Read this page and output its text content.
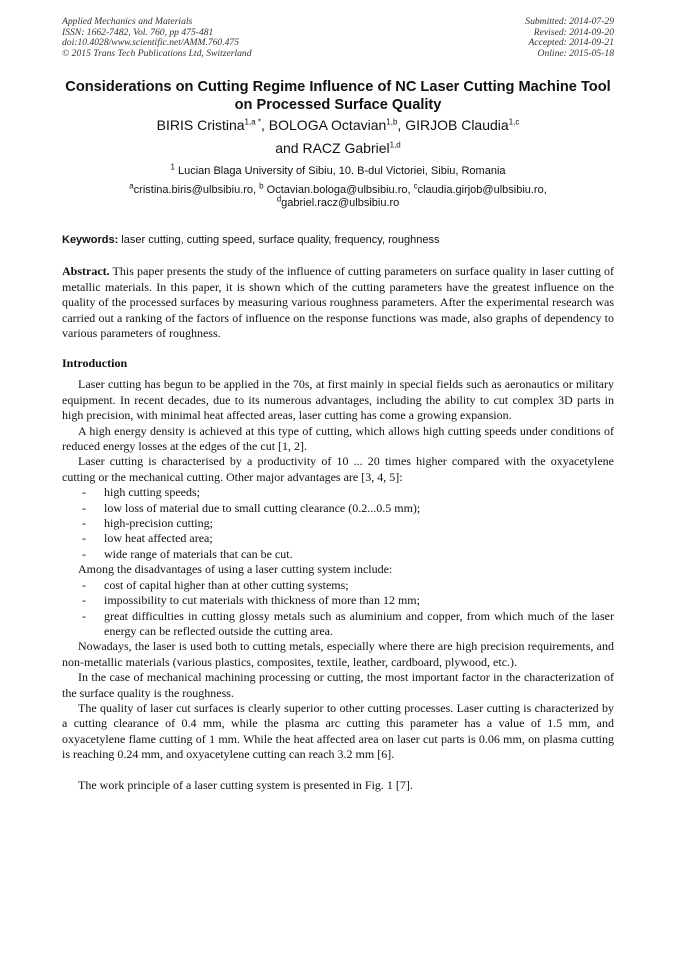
Applied Mechanics and Materials
ISSN: 1662-7482, Vol. 760, pp 475-481
doi:10.4028/www.scientific.net/AMM.760.475
© 2015 Trans Tech Publications Ltd, Switzerland
Submitted: 2014-07-29
Revised: 2014-09-20
Accepted: 2014-09-21
Online: 2015-05-18
Considerations on Cutting Regime Influence of NC Laser Cutting Machine Tool on Processed Surface Quality
BIRIS Cristina$^{1,a *}$, BOLOGA Octavian$^{1,b}$, GIRJOB Claudia$^{1,c}$
and RACZ Gabriel$^{1,d}$
$^1$ Lucian Blaga University of Sibiu, 10. B-dul Victoriei, Sibiu, Romania
$^a$cristina.biris@ulbsibiu.ro, $^b$ Octavian.bologa@ulbsibiu.ro, $^c$claudia.girjob@ulbsibiu.ro,
$^d$gabriel.racz@ulbsibiu.ro
Keywords: laser cutting, cutting speed, surface quality, frequency, roughness
Abstract. This paper presents the study of the influence of cutting parameters on surface quality in laser cutting of metallic materials. In this paper, it is shown which of the cutting parameters have the greatest influence on the quality of the processed surfaces by measuring various roughness parameters. After the experimental research was carried out a ranking of the factors of influence on the response functions was made, also graphs of dependency to various parameters of roughness.
Introduction

Laser cutting has begun to be applied in the 70s, at first mainly in special fields such as aeronautics or military equipment. In recent decades, due to its numerous advantages, including the ability to cut complex 3D parts in high precision, with minimal heat affected areas, laser cutting has come a growing expansion.

A high energy density is achieved at this type of cutting, which allows high cutting speeds under conditions of reduced energy losses at the edges of the cut [1, 2].

Laser cutting is characterised by a productivity of 10 ... 20 times higher compared with the oxyacetylene cutting or the mechanical cutting. Other major advantages are [3, 4, 5]:

- high cutting speeds;
- low loss of material due to small cutting clearance (0.2...0.5 mm);
- high-precision cutting;
- low heat affected area;
- wide range of materials that can be cut.

Among the disadvantages of using a laser cutting system include:

- cost of capital higher than at other cutting systems;
- impossibility to cut materials with thickness of more than 12 mm;
- great difficulties in cutting glossy metals such as aluminium and copper, from which much of the laser energy can be reflected outside the cutting area.

Nowadays, the laser is used both to cutting metals, especially where there are high precision requirements, and non-metallic materials (various plastics, composites, textile, leather, cardboard, plywood, etc.).

In the case of mechanical machining processing or cutting, the most important factor in the characterization of the surface quality is the roughness.

The quality of laser cut surfaces is clearly superior to other cutting processes. Laser cutting is characterized by a cutting clearance of 0.4 mm, while the plasma arc cutting this parameter has a value of 1.5 mm, and oxyacetylene flame cutting of 1 mm. While the heat affected area on laser cut parts is 0.06 mm, on plasma cutting is reaching 0.24 mm, and oxyacetylene cutting can reach 3.2 mm [6].

The work principle of a laser cutting system is presented in Fig. 1 [7].
